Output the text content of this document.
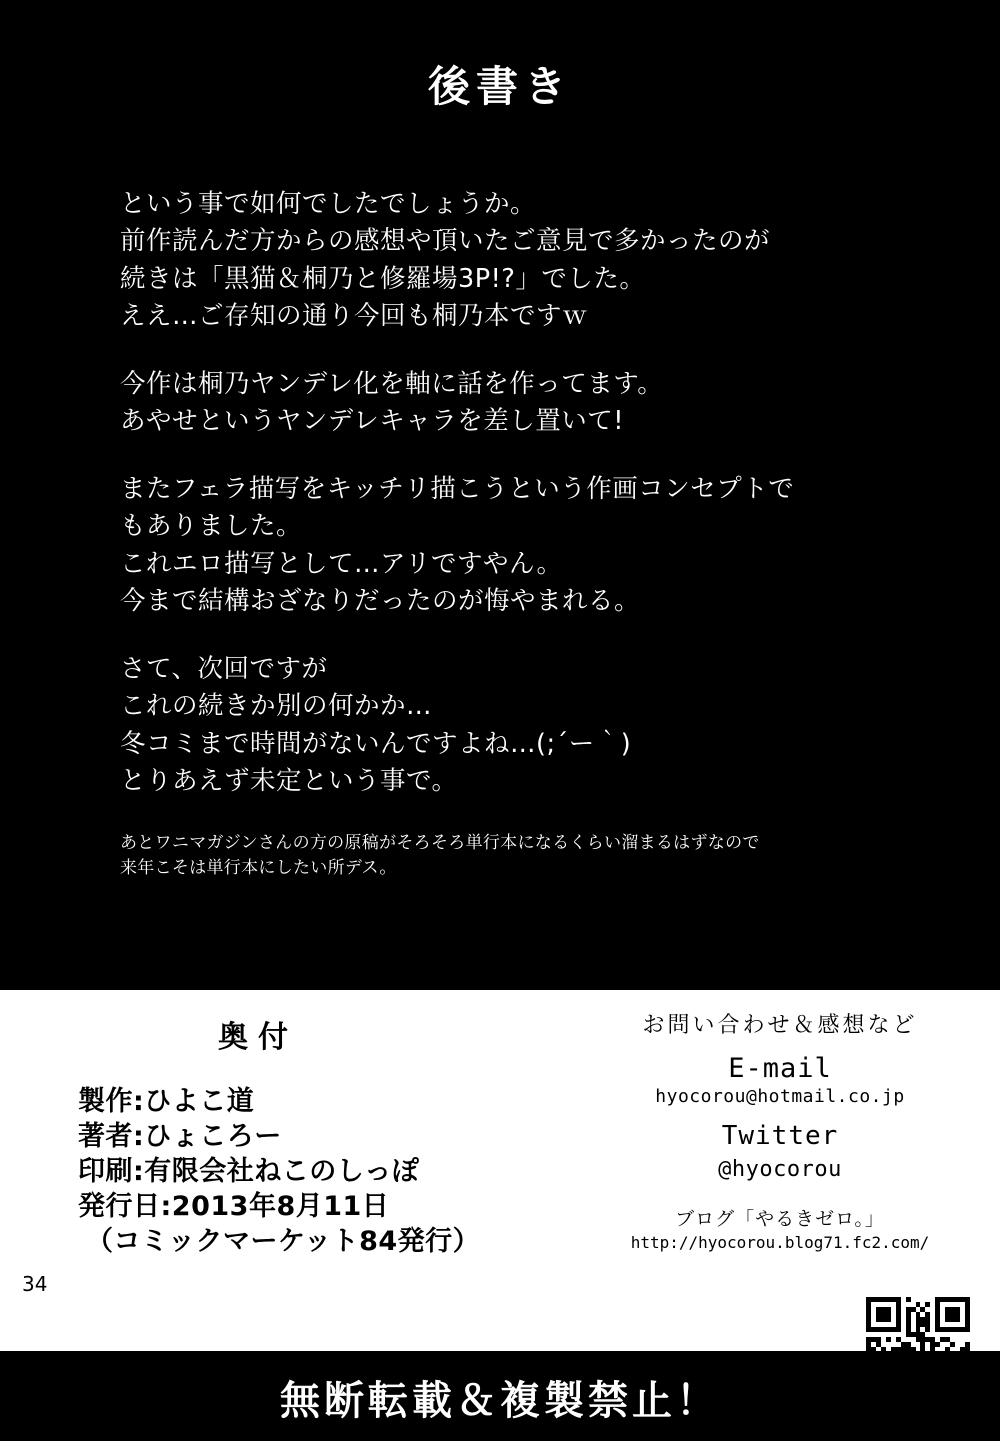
後書き
という事で如何でしたでしょうか。
前作読んだ方からの感想や頂いたご意見で多かったのが
続きは「黒猫＆桐乃と修羅場3P!?」でした。
ええ…ご存知の通り今回も桐乃本ですｗ
今作は桐乃ヤンデレ化を軸に話を作ってます。
あやせというヤンデレキャラを差し置いて!
またフェラ描写をキッチリ描こうという作画コンセプトで
もありました。
これエロ描写として…アリですやん。
今まで結構おざなりだったのが悔やまれる。
さて、次回ですが
これの続きか別の何かか…
冬コミまで時間がないんですよね…(;´ー｀)
とりあえず未定という事で。
あとワニマガジンさんの方の原稿がそろそろ単行本になるくらい溜まるはずなので
来年こそは単行本にしたい所デス。
奥付
製作:ひよこ道
著者:ひょころー
印刷:有限会社ねこのしっぽ
発行日:2013年8月11日
（コミックマーケット84発行）
お問い合わせ＆感想など
E-mail
hyocorou@hotmail.co.jp
Twitter
@hyocorou
ブログ「やるきゼロ。」
http://hyocorou.blog71.fc2.com/
34
無断転載＆複製禁止！
